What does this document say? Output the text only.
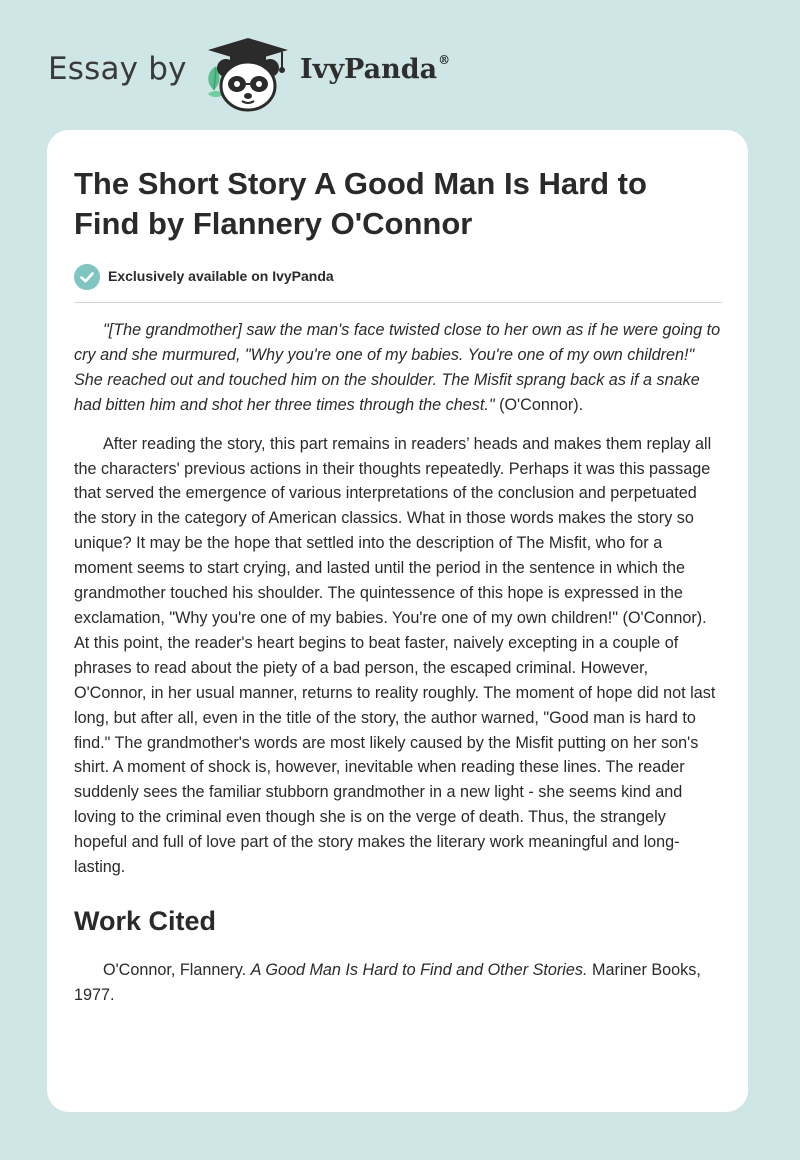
Essay by	IvyPanda®
The Short Story A Good Man Is Hard to Find by Flannery O'Connor
Exclusively available on IvyPanda

"[The grandmother] saw the man's face twisted close to her own as if he were going to cry and she murmured, "Why you're one of my babies. You're one of my own children!" She reached out and touched him on the shoulder. The Misfit sprang back as if a snake had bitten him and shot her three times through the chest." (O'Connor).

After reading the story, this part remains in readers’ heads and makes them replay all the characters' previous actions in their thoughts repeatedly. Perhaps it was this passage that served the emergence of various interpretations of the conclusion and perpetuated the story in the category of American classics. What in those words makes the story so unique? It may be the hope that settled into the description of The Misfit, who for a moment seems to start crying, and lasted until the period in the sentence in which the grandmother touched his shoulder. The quintessence of this hope is expressed in the exclamation, "Why you're one of my babies. You're one of my own children!" (O'Connor). At this point, the reader's heart begins to beat faster, naively excepting in a couple of phrases to read about the piety of a bad person, the escaped criminal. However, O'Connor, in her usual manner, returns to reality roughly. The moment of hope did not last long, but after all, even in the title of the story, the author warned, "Good man is hard to find." The grandmother's words are most likely caused by the Misfit putting on her son's shirt. A moment of shock is, however, inevitable when reading these lines. The reader suddenly sees the familiar stubborn grandmother in a new light - she seems kind and loving to the criminal even though she is on the verge of death. Thus, the strangely hopeful and full of love part of the story makes the literary work meaningful and long-lasting.

Work Cited

O'Connor, Flannery. A Good Man Is Hard to Find and Other Stories. Mariner Books, 1977.
